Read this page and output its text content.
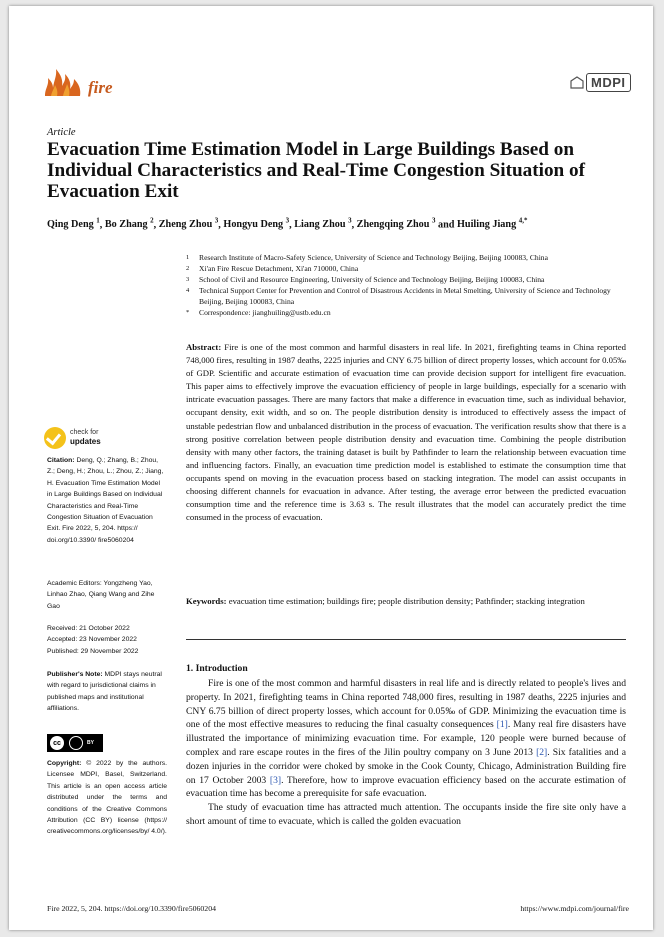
fire	MDPI
Article
Evacuation Time Estimation Model in Large Buildings Based on Individual Characteristics and Real-Time Congestion Situation of Evacuation Exit
Qing Deng $^1$, Bo Zhang $^2$, Zheng Zhou $^3$, Hongyu Deng $^3$, Liang Zhou $^3$, Zhengqing Zhou $^3$ and Huiling Jiang $^{4,*}$
1	Research Institute of Macro-Safety Science, University of Science and Technology Beijing, Beijing 100083, China
2	Xi'an Fire Rescue Detachment, Xi'an 710000, China
3	School of Civil and Resource Engineering, University of Science and Technology Beijing, Beijing 100083, China
4	Technical Support Center for Prevention and Control of Disastrous Accidents in Metal Smelting, University of Science and Technology Beijing, Beijing 100083, China
*	Correspondence: jianghuiling@ustb.edu.cn

Abstract: Fire is one of the most common and harmful disasters in real life. In 2021, firefighting teams in China reported 748,000 fires, resulting in 1987 deaths, 2225 injuries and CNY 6.75 billion of direct property losses, which account for 0.05‰ of GDP. Scientific and accurate estimation of evacuation time can provide decision support for intelligent fire evacuation. This paper aims to effectively improve the evacuation efficiency of people in large buildings, especially for a scenario with intricate evacuation passages. There are many factors that make a difference in evacuation time, such as individual behavior, occupant density, exit width, and so on. The people distribution density is introduced to effectively assess the impact of unstable pedestrian flow and unbalanced distribution in the process of evacuation. The verification results show that there is a strong positive correlation between people distribution density and evacuation time. Combining the people distribution density with many other factors, the training dataset is built by Pathfinder to learn the relationship between evacuation time and influencing factors. Finally, an evacuation time prediction model is established to estimate the consumption time that occupants spend on moving in the evacuation process based on stacking integration. The model can assist occupants in choosing different channels for evacuation in advance. After testing, the average error between the predicted evacuation consumption time and the reference time is 3.63 s. The result illustrates that the model can accurately predict the time consumed in the process of evacuation.

Keywords: evacuation time estimation; buildings fire; people distribution density; Pathfinder; stacking integration

1. Introduction

Fire is one of the most common and harmful disasters in real life and is directly related to people's lives and property. In 2021, firefighting teams in China reported 748,000 fires, resulting in 1987 deaths, 2225 injuries and CNY 6.75 billion of direct property losses, which account for 0.05‰ of GDP. Minimizing the evacuation time is one of the most effective measures to reducing the final casualty consequences [1]. Many real fire disasters have illustrated the importance of minimizing evacuation time. For example, 120 people were burned because of complex and rare escape routes in the fires of the Jilin poultry company on 3 June 2013 [2]. Six fatalities and a dozen injuries in the corridor were choked by smoke in the Cook County, Chicago, Administration Building fire on 17 October 2003 [3]. Therefore, how to improve evacuation efficiency based on the accurate estimation of evacuation time has become a prerequisite for safe evacuation.

The study of evacuation time has attracted much attention. The occupants inside the fire site only have a short amount of time to evacuate, which is called the golden evacuation

check for
updates
Citation: Deng, Q.; Zhang, B.; Zhou, Z.; Deng, H.; Zhou, L.; Zhou, Z.; Jiang, H. Evacuation Time Estimation Model in Large Buildings Based on Individual Characteristics and Real-Time Congestion Situation of Evacuation Exit. Fire 2022, 5, 204. https:// doi.org/10.3390/ fire5060204
Academic Editors: Yongzheng Yao, Linhao Zhao, Qiang Wang and Zihe Gao
Received: 21 October 2022
Accepted: 23 November 2022
Published: 29 November 2022
Publisher's Note: MDPI stays neutral with regard to jurisdictional claims in published maps and institutional affiliations.
cc	BY
Copyright: © 2022 by the authors. Licensee MDPI, Basel, Switzerland. This article is an open access article distributed under the terms and conditions of the Creative Commons Attribution (CC BY) license (https:// creativecommons.org/licenses/by/ 4.0/).
Fire 2022, 5, 204. https://doi.org/10.3390/fire5060204	https://www.mdpi.com/journal/fire
